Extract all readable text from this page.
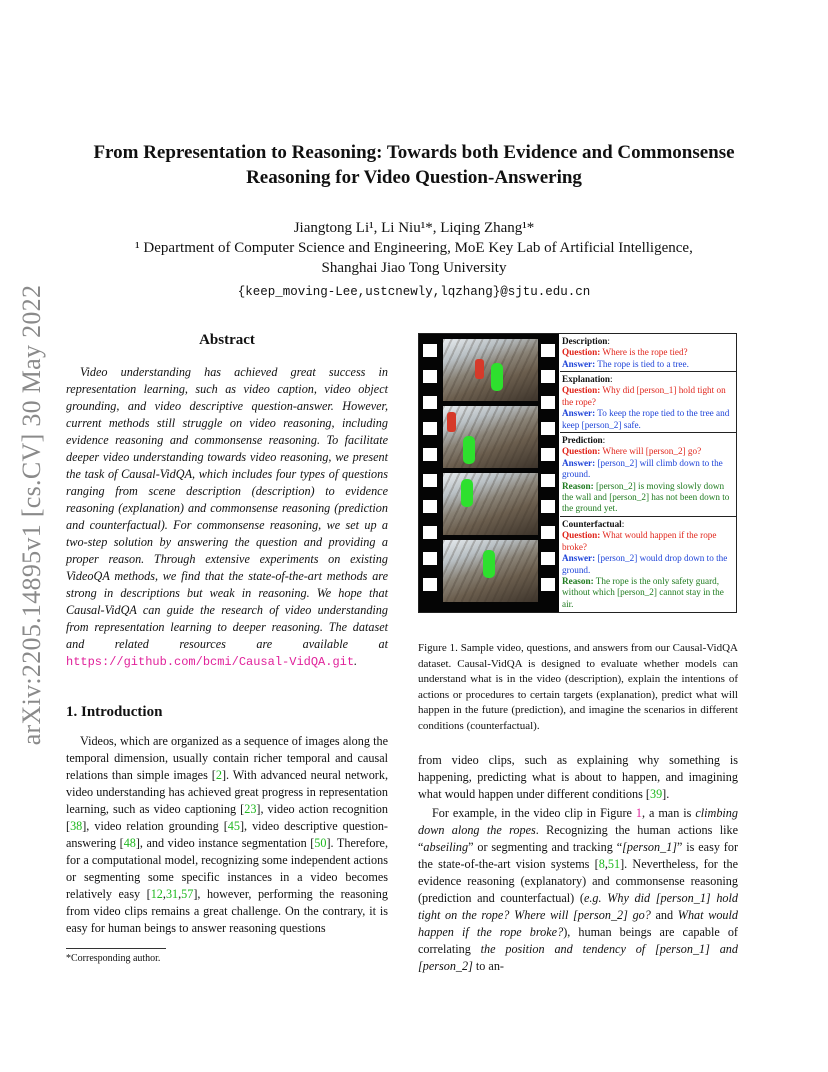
arXiv:2205.14895v1 [cs.CV] 30 May 2022
From Representation to Reasoning: Towards both Evidence and Commonsense
Reasoning for Video Question-Answering
Jiangtong Li¹, Li Niu¹*, Liqing Zhang¹*
¹ Department of Computer Science and Engineering, MoE Key Lab of Artificial Intelligence,
Shanghai Jiao Tong University
{keep_moving-Lee,ustcnewly,lqzhang}@sjtu.edu.cn
Abstract
Video understanding has achieved great success in representation learning, such as video caption, video object grounding, and video descriptive question-answer. However, current methods still struggle on video reasoning, including evidence reasoning and commonsense reasoning. To facilitate deeper video understanding towards video reasoning, we present the task of Causal-VidQA, which includes four types of questions ranging from scene description (description) to evidence reasoning (explanation) and commonsense reasoning (prediction and counterfactual). For commonsense reasoning, we set up a two-step solution by answering the question and providing a proper reason. Through extensive experiments on existing VideoQA methods, we find that the state-of-the-art methods are strong in descriptions but weak in reasoning. We hope that Causal-VidQA can guide the research of video understanding from representation learning to deeper reasoning. The dataset and related resources are available at https://github.com/bcmi/Causal-VidQA.git.
1. Introduction
Videos, which are organized as a sequence of images along the temporal dimension, usually contain richer temporal and causal relations than simple images [2]. With advanced neural network, video understanding has achieved great progress in representation learning, such as video captioning [23], video action recognition [38], video relation grounding [45], video descriptive question-answering [48], and video instance segmentation [50]. Therefore, for a computational model, recognizing some independent actions or segmenting some specific instances in a video becomes relatively easy [12,31,57], however, performing the reasoning from video clips remains a great challenge. On the contrary, it is easy for human beings to answer reasoning questions
*Corresponding author.
Description:
Question: Where is the rope tied?
Answer: The rope is tied to a tree.
Explanation:
Question: Why did [person_1] hold tight on the rope?
Answer: To keep the rope tied to the tree and keep [person_2] safe.
Prediction:
Question: Where will [person_2] go?
Answer: [person_2] will climb down to the ground.
Reason: [person_2] is moving slowly down the wall and [person_2] has not been down to the ground yet.
Counterfactual:
Question: What would happen if the rope broke?
Answer: [person_2] would drop down to the ground.
Reason: The rope is the only safety guard, without which [person_2] cannot stay in the air.
Figure 1. Sample video, questions, and answers from our Causal-VidQA dataset. Causal-VidQA is designed to evaluate whether models can understand what is in the video (description), explain the intentions of actions or procedures to certain targets (explanation), predict what will happen in the future (prediction), and imagine the scenarios in different conditions (counterfactual).

from video clips, such as explaining why something is happening, predicting what is about to happen, and imagining what would happen under different conditions [39].

For example, in the video clip in Figure 1, a man is climbing down along the ropes. Recognizing the human actions like “abseiling” or segmenting and tracking “[person_1]” is easy for the state-of-the-art vision systems [8,51]. Nevertheless, for the evidence reasoning (explanatory) and commonsense reasoning (prediction and counterfactual) (e.g. Why did [person_1] hold tight on the rope? Where will [person_2] go? and What would happen if the rope broke?), human beings are capable of correlating the position and tendency of [person_1] and [person_2] to an-
